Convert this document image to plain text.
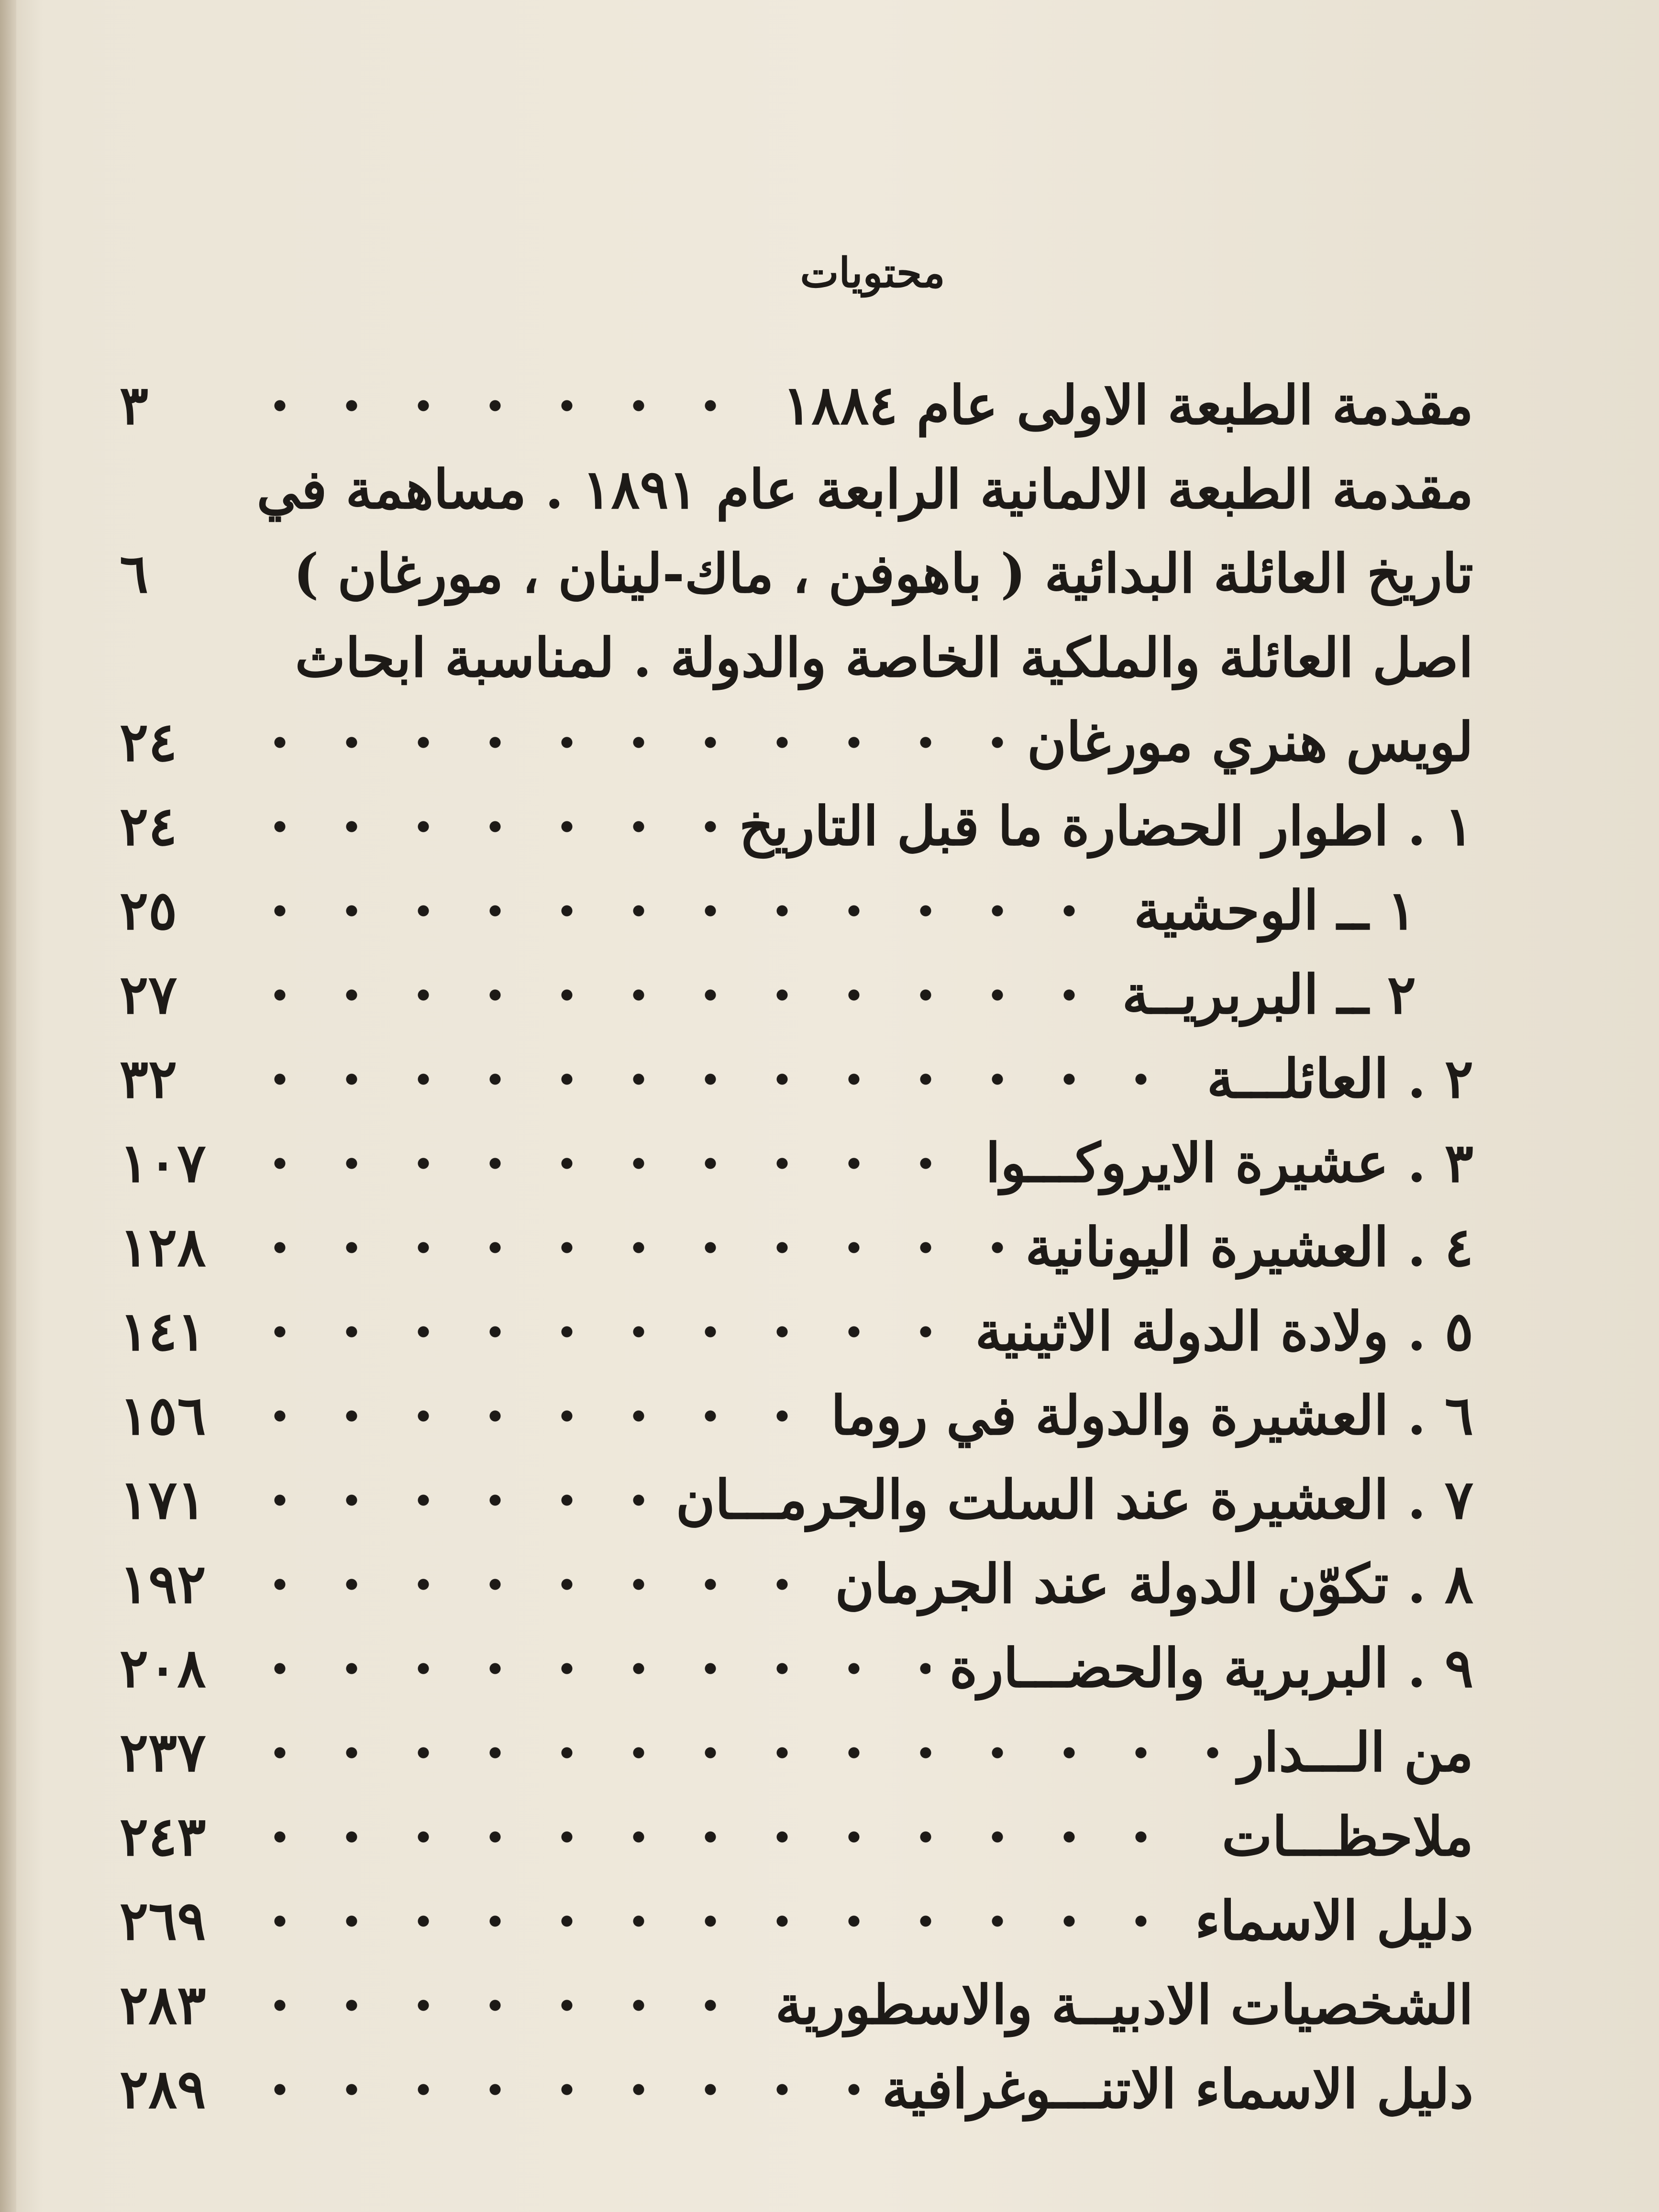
محتويات
مقدمة الطبعة الاولى عام ١٨٨٤
٣
مقدمة الطبعة الالمانية الرابعة عام ١٨٩١ . مساهمة في
تاريخ العائلة البدائية ( باهوفن ، ماك-لينان ، مورغان )
٦
اصل العائلة والملكية الخاصة والدولة . لمناسبة ابحاث
لويس هنري مورغان
٢٤
١ . اطوار الحضارة ما قبل التاريخ
٢٤
١ ــ الوحشية
٢٥
٢ ــ البربريــة
٢٧
٢ . العائلـــة
٣٢
٣ . عشيرة الايروكـــوا
١٠٧
٤ . العشيرة اليونانية
١٢٨
٥ . ولادة الدولة الاثينية
١٤١
٦ . العشيرة والدولة في روما
١٥٦
٧ . العشيرة عند السلت والجرمـــان
١٧١
٨ . تكوّن الدولة عند الجرمان
١٩٢
٩ . البربرية والحضـــارة
٢٠٨
من الـــدار
٢٣٧
ملاحظـــات
٢٤٣
دليل الاسماء
٢٦٩
الشخصيات الادبيــة والاسطورية
٢٨٣
دليل الاسماء الاتنـــوغرافية
٢٨٩
